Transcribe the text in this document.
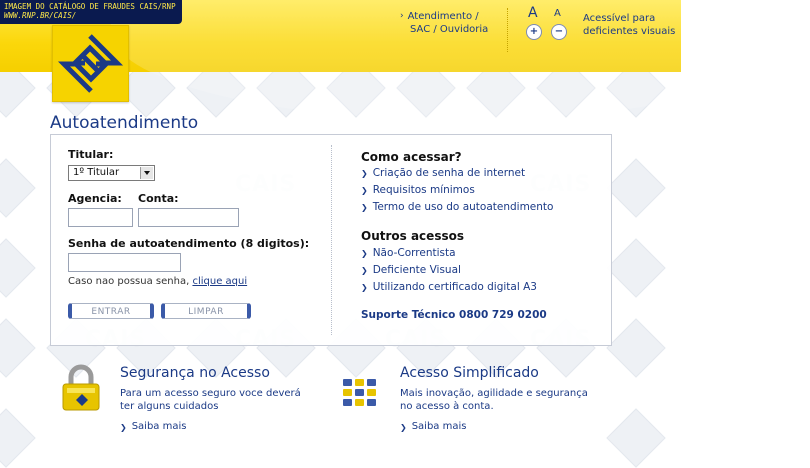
IMAGEM DO CATÁLOGO DE FRAUDES CAIS/RNP
WWW.RNP.BR/CAIS/	› Atendimento /
SAC / Ouvidoria
A A
+	−
Acessível para
deficientes visuais
Autoatendimento
Titular:
1º Titular
Agencia: Conta:
Senha de autoatendimento (8 digitos):
Caso nao possua senha, clique aqui
ENTRAR	LIMPAR
Como acessar?
❯ Criação de senha de internet
❯ Requisitos mínimos
❯ Termo de uso do autoatendimento
Outros acessos
❯ Não-Correntista
❯ Deficiente Visual
❯ Utilizando certificado digital A3
Suporte Técnico 0800 729 0200
Segurança no Acesso
Para um acesso seguro voce deverá
ter alguns cuidados
❯ Saiba mais
Acesso Simplificado
Mais inovação, agilidade e segurança
no acesso à conta.
❯ Saiba mais
